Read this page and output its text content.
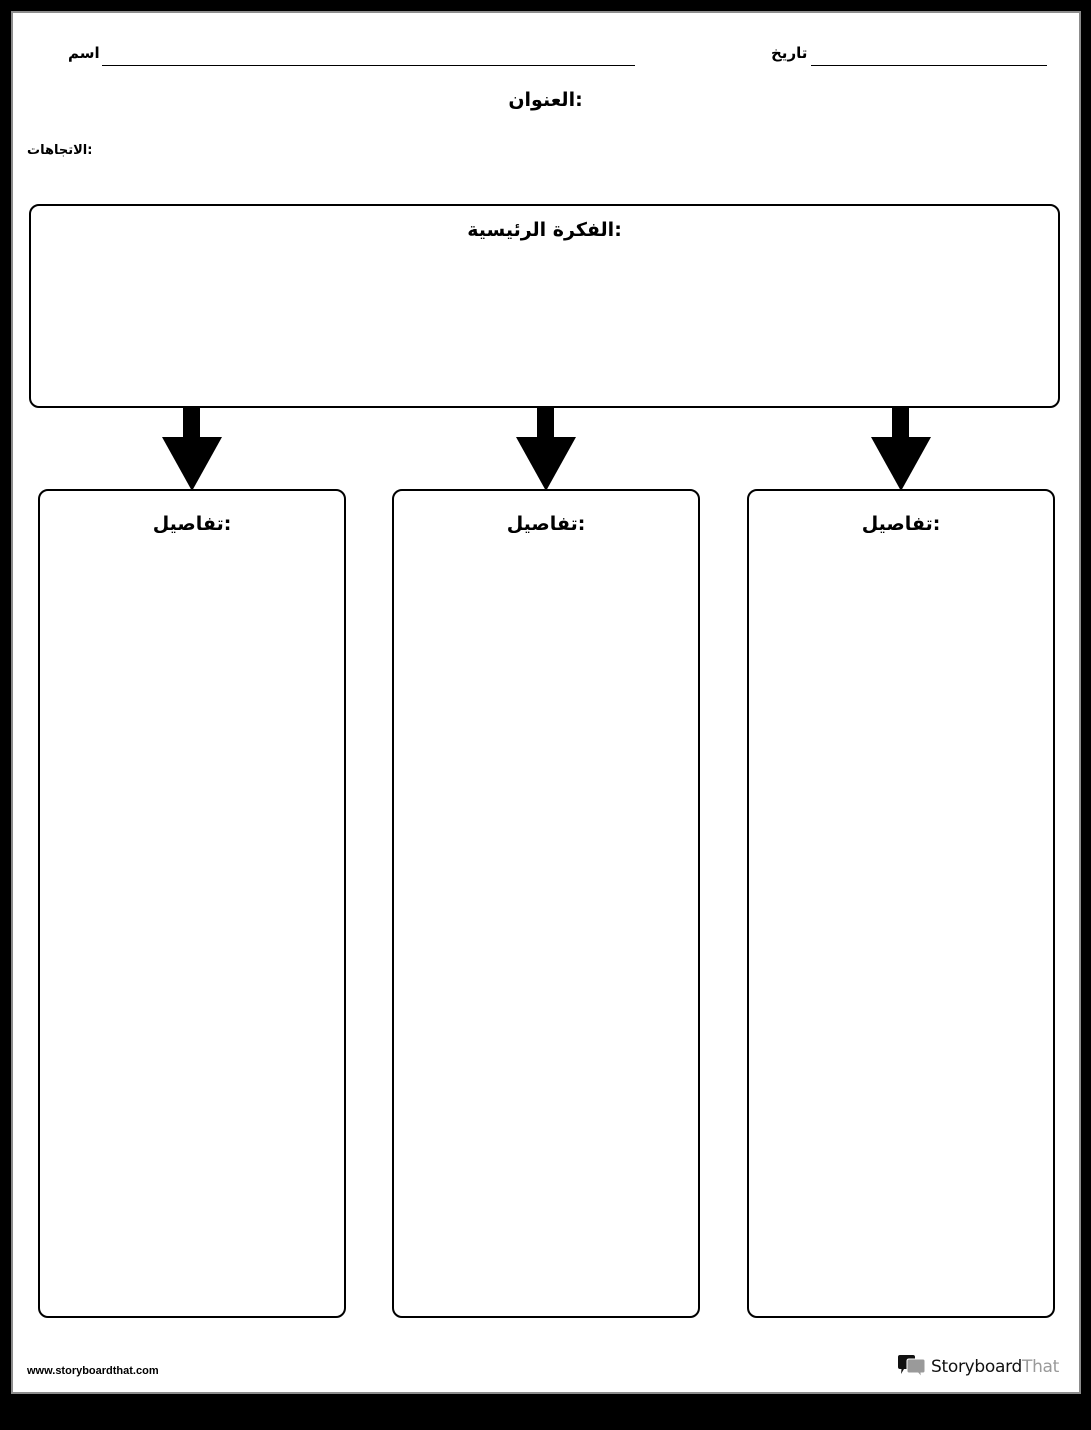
اسم	تاريخ
:العنوان
:الاتجاهات
:الفكرة الرئيسية
:تفاصيل	:تفاصيل	:تفاصيل
www.storyboardthat.com	Storyboard That
